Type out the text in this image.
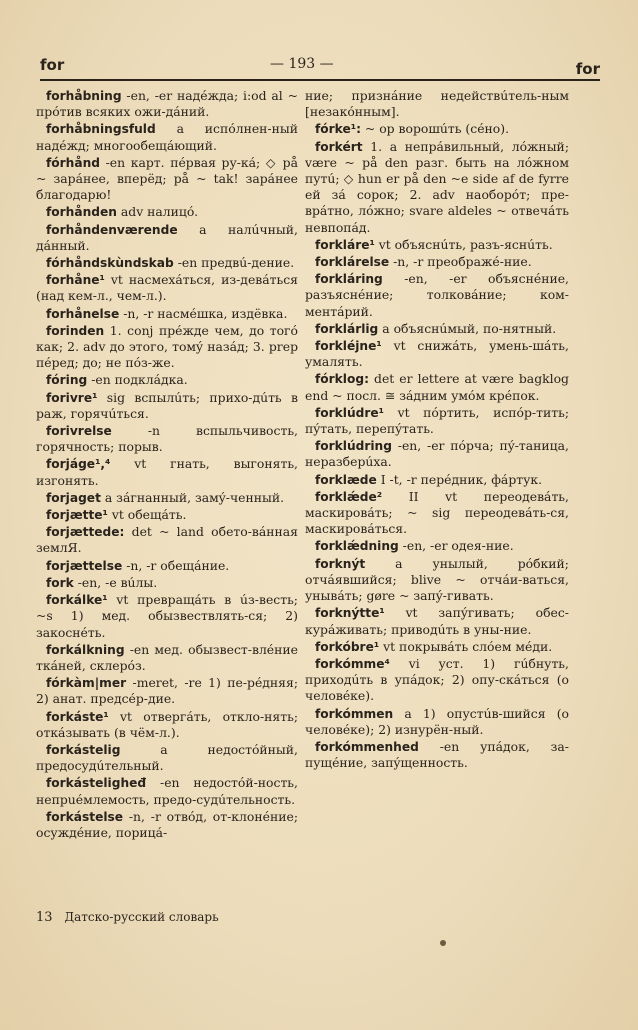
for	— 193 —	for
forhåbning -en, -er надéжда; i:od al ~ прóтив всяких ожи-дáний.
forhåbningsfuld a испóлнен-ный надéжд; многообещáющий.
fórhånd -en карт. пéрвая ру-кá; ◇ på ~ зарáнее, вперёд; på ~ tak! зарáнее благодарю!
forhånden adv налицó.
forhåndenværende a налúчный, дáнный.
fórhåndskùndskab -en предвú-дение.
forhåne¹ vt насмехáться, из-девáться (над кем-л., чем-л.).
forhånelse -n, -r насмéшка, издёвка.
forinden 1. conj прéжде чем, до тогó как; 2. adv до этого, томý назáд; 3. prep пéред; до; не пóз-же.
fóring -en подклáдка.
forivre¹ sig вспылúть; прихо-дúть в раж, горячúться.
forivrelse	-n вспыльчивость, горячность; порыв.
forjáge¹,⁴ vt гнать, выгонять, изгонять.
forjaget a зáгнанный, замý-ченный.
forjætte¹ vt обещáть.
forjættede: det ~ land обето-вáнная землЯ.
forjættelse -n, -r обещáние.
fork -en, -e вúлы.
forkálke¹ vt превращáть в úз-весть; ~s 1) мед. обызвествлять-ся; 2) закоснéть.
forkálkning -en мед. обызвест-влéние ткáней, склерóз.
fórkàm|mer -meret, -re 1) пе-рéдняя; 2) анат. предсéр-дие.
forkáste¹ vt отвергáть, откло-нять; откáзывать (в чём-л.).
forkástelig	a недостóйный, предосудúтельный.
forkásteligheđ -en недостóй-ность, непрuéмлемость, предо-судúтельность.
forkástelse -n, -r отвóд, от-клонéние; осуждéние, порицá-
ние; признáние недействúтель-ным [незакóнным].
fórke¹: ~ op ворошúть (сéно).
forkért 1. a непрáвильный, лóжный; være ~ på den разг. быть на лóжном путú; ◇ hun er på den ~e side af de fyrre ей зá сорок; 2. adv наоборóт; пре-врáтно, лóжно; svare aldeles ~ отвечáть невпопáд.
forkláre¹ vt объяснúть, разъ-яснúть.
forklárelse -n, -r преображé-ние.
forkláring -en, -er объяснéние, разъяснéние; толковáние; ком-ментáрий.
forklárlig a объяснúмый, по-нятный.
forkléjne¹ vt снижáть, умень-шáть, умалять.
fórklog: det er lettere at være bagklog end ~ посл. ≅ зáдним умóм крéпок.
forklúdre¹ vt пóртить, испóр-тить; пýтать, перепýтать.
forklúdring -en, -er пóрча; пý-таница, неразберúха.
forklæde I -t, -r перéдник, фáртук.
forklǽde² II vt переодевáть, маскировáть; ~ sig переодевáть-ся, маскировáться.
forklǽdning -en, -er одея-ние.
forknýt a унылый, рóбкий; отчáявшийся; blive ~ отчáи-ваться, унывáть; gøre ~ запý-гивать.
forknýtte¹ vt запýгивать; обес-курáживать; приводúть в уны-ние.
forkóbre¹ vt покрывáть слóем мéди.
forkómme⁴ vi уст. 1) гúбнуть, приходúть в упáдок; 2) опу-скáться (о человéке).
forkómmen a 1) опустúв-шийся (о человéке); 2) изнурён-ный.
forkómmenhed -en упáдок, за-пущéние, запýщенность.
13 Датско-русский словарь
